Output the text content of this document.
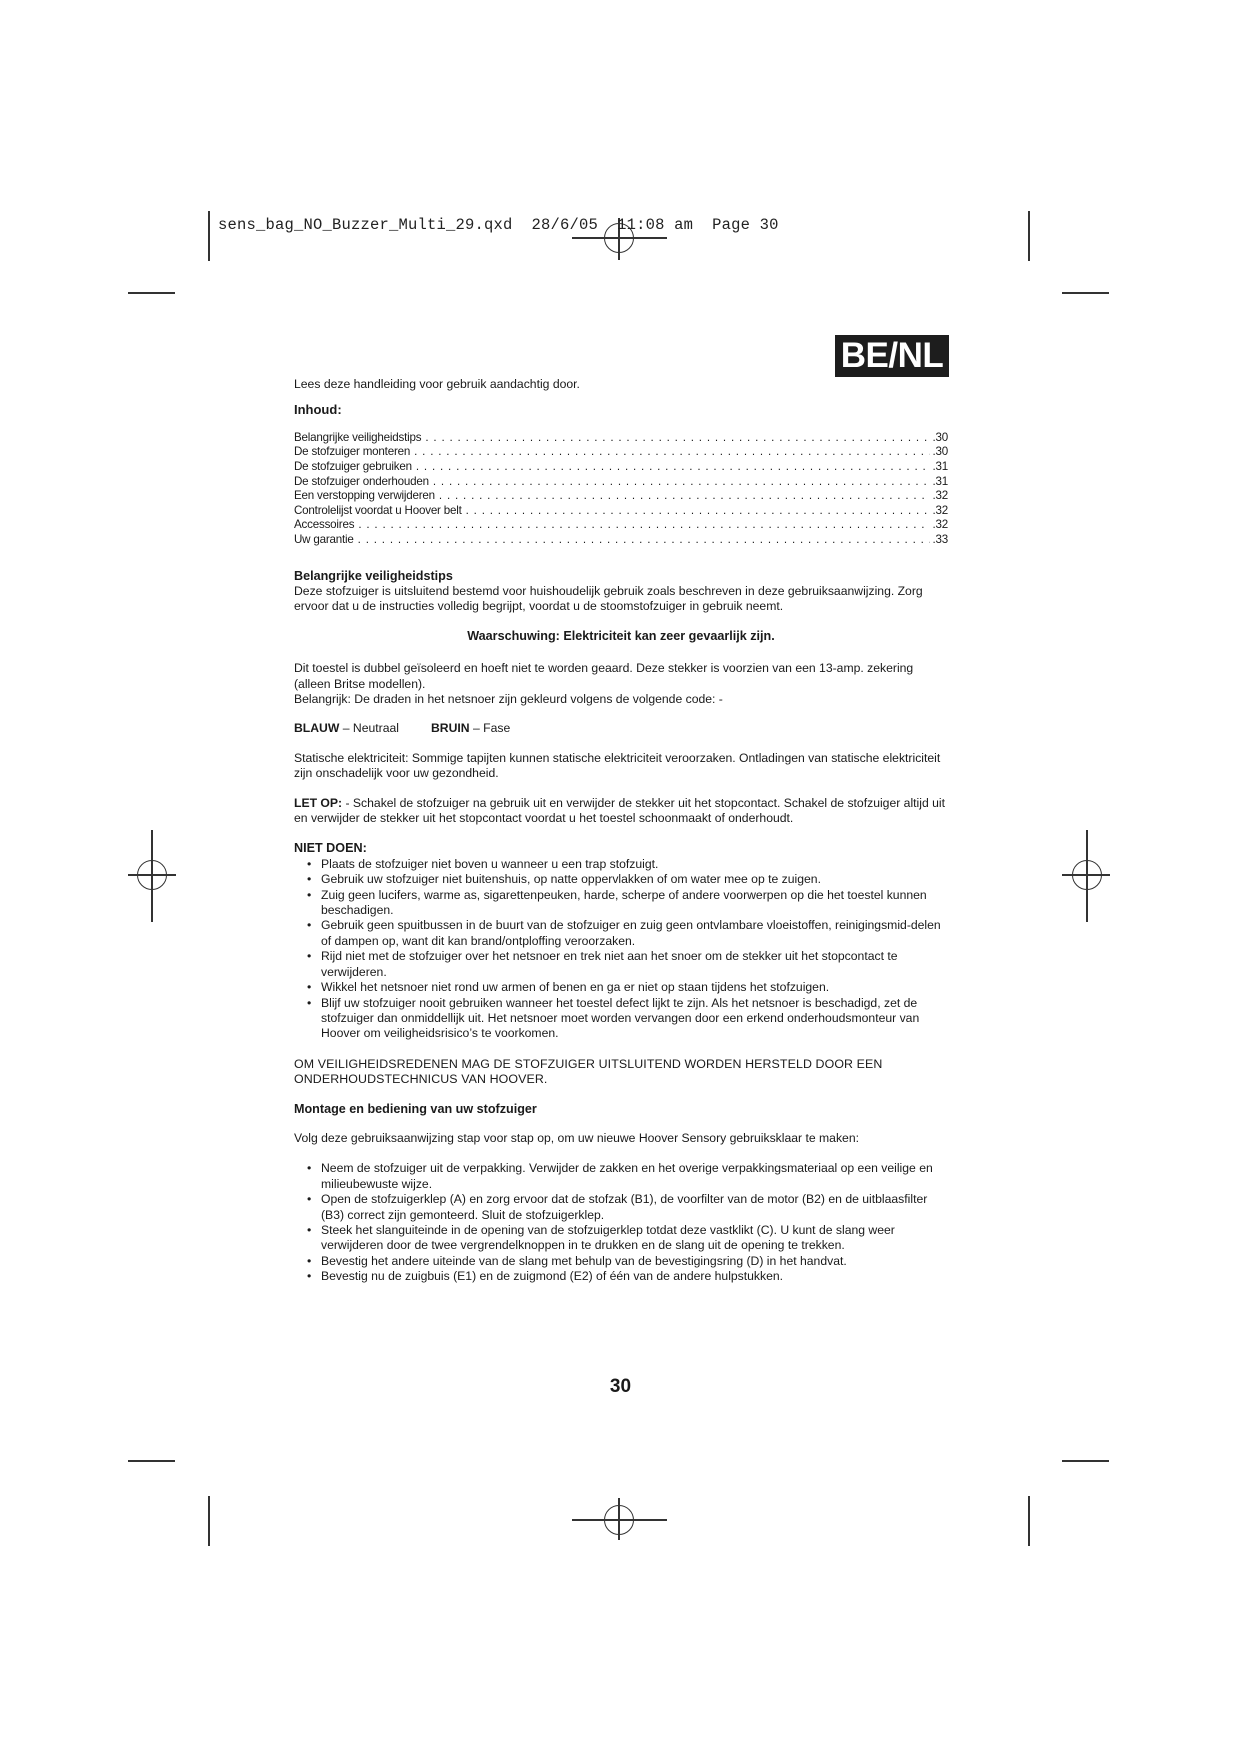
sens_bag_NO_Buzzer_Multi_29.qxd  28/6/05  11:08 am  Page 30
BE/NL

Lees deze handleiding voor gebruik aandachtig door.

Inhoud:

Belangrijke veiligheidstips . . .	.30
De stofzuiger monteren . . .	.30
De stofzuiger gebruiken . . .	.31
De stofzuiger onderhouden . . .	.31
Een verstopping verwijderen . . .	.32
Controlelijst voordat u Hoover belt . . .	.32
Accessoires . . .	.32
Uw garantie . . .	.33

Belangrijke veiligheidstips

Deze stofzuiger is uitsluitend bestemd voor huishoudelijk gebruik zoals beschreven in deze gebruiksaanwijzing. Zorg ervoor dat u de instructies volledig begrijpt, voordat u de stoomstofzuiger in gebruik neemt.

Waarschuwing: Elektriciteit kan zeer gevaarlijk zijn.

Dit toestel is dubbel geïsoleerd en hoeft niet te worden geaard. Deze stekker is voorzien van een 13-amp. zekering (alleen Britse modellen).

Belangrijk: De draden in het netsnoer zijn gekleurd volgens de volgende code: -

BLAUW – Neutraal	BRUIN – Fase

Statische elektriciteit: Sommige tapijten kunnen statische elektriciteit veroorzaken. Ontladingen van statische elektriciteit zijn onschadelijk voor uw gezondheid.

LET OP: - Schakel de stofzuiger na gebruik uit en verwijder de stekker uit het stopcontact. Schakel de stofzuiger altijd uit en verwijder de stekker uit het stopcontact voordat u het toestel schoonmaakt of onderhoudt.

NIET DOEN:

• Plaats de stofzuiger niet boven u wanneer u een trap stofzuigt.
• Gebruik uw stofzuiger niet buitenshuis, op natte oppervlakken of om water mee op te zuigen.
• Zuig geen lucifers, warme as, sigarettenpeuken, harde, scherpe of andere voorwerpen op die het toestel kunnen beschadigen.
• Gebruik geen spuitbussen in de buurt van de stofzuiger en zuig geen ontvlambare vloeistoffen, reinigingsmid-delen of dampen op, want dit kan brand/ontploffing veroorzaken.
• Rijd niet met de stofzuiger over het netsnoer en trek niet aan het snoer om de stekker uit het stopcontact te verwijderen.
• Wikkel het netsnoer niet rond uw armen of benen en ga er niet op staan tijdens het stofzuigen.
• Blijf uw stofzuiger nooit gebruiken wanneer het toestel defect lijkt te zijn. Als het netsnoer is beschadigd, zet de stofzuiger dan onmiddellijk uit. Het netsnoer moet worden vervangen door een erkend onderhoudsmonteur van Hoover om veiligheidsrisico’s te voorkomen.

OM VEILIGHEIDSREDENEN MAG DE STOFZUIGER UITSLUITEND WORDEN HERSTELD DOOR EEN ONDERHOUDSTECHNICUS VAN HOOVER.

Montage en bediening van uw stofzuiger

Volg deze gebruiksaanwijzing stap voor stap op, om uw nieuwe Hoover Sensory gebruiksklaar te maken:

• Neem de stofzuiger uit de verpakking. Verwijder de zakken en het overige verpakkingsmateriaal op een veilige en milieubewuste wijze.
• Open de stofzuigerklep (A) en zorg ervoor dat de stofzak (B1), de voorfilter van de motor (B2) en de uitblaasfilter (B3) correct zijn gemonteerd. Sluit de stofzuigerklep.
• Steek het slanguiteinde in de opening van de stofzuigerklep totdat deze vastklikt (C). U kunt de slang weer verwijderen door de twee vergrendelknoppen in te drukken en de slang uit de opening te trekken.
• Bevestig het andere uiteinde van de slang met behulp van de bevestigingsring (D) in het handvat.
• Bevestig nu de zuigbuis (E1) en de zuigmond (E2) of één van de andere hulpstukken.
30
